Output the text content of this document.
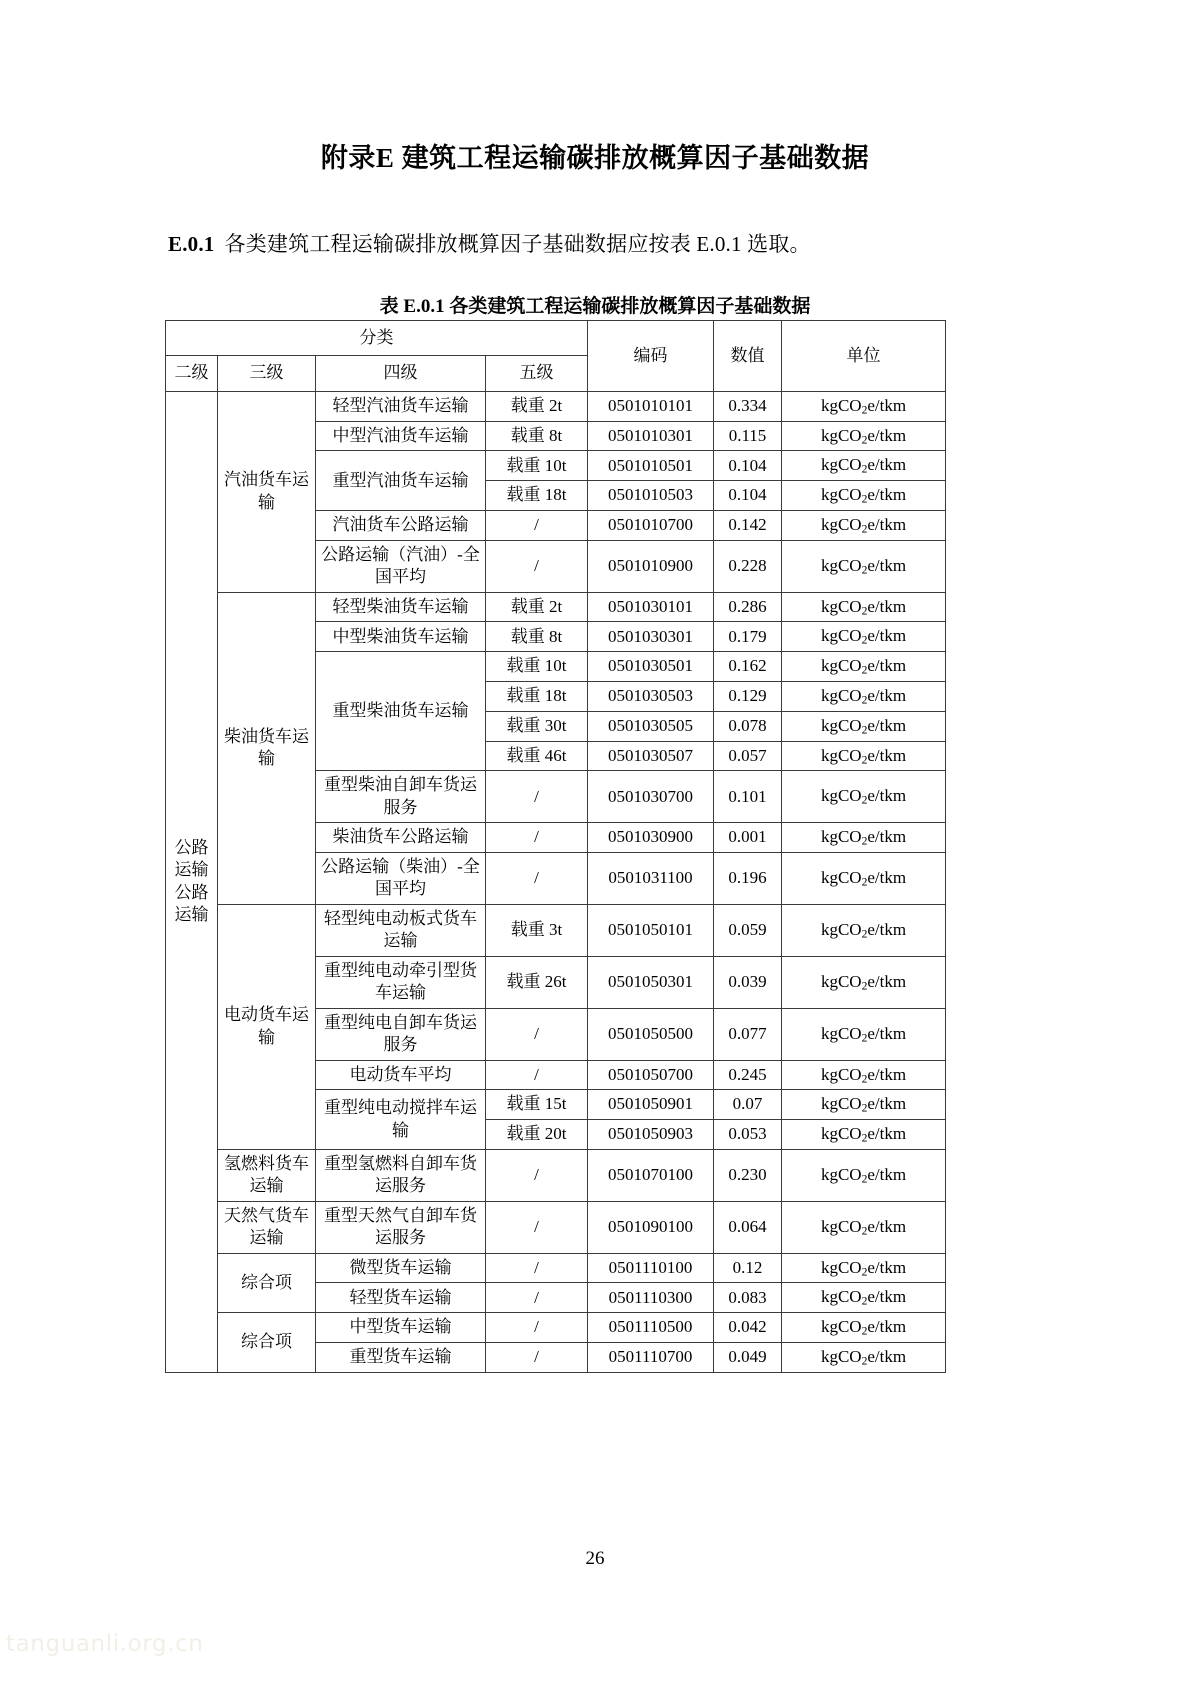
附录E 建筑工程运输碳排放概算因子基础数据
E.0.1 各类建筑工程运输碳排放概算因子基础数据应按表 E.0.1 选取。
表 E.0.1 各类建筑工程运输碳排放概算因子基础数据
分类				编码	数值	单位
二级	三级	四级	五级			
公路运输公路运输	汽油货车运输	轻型汽油货车运输	载重 2t	0501010101	0.334	kgCO$_2$e/tkm
		中型汽油货车运输	载重 8t	0501010301	0.115	kgCO$_2$e/tkm
		重型汽油货车运输	载重 10t	0501010501	0.104	kgCO$_2$e/tkm
			载重 18t	0501010503	0.104	kgCO$_2$e/tkm
		汽油货车公路运输	/	0501010700	0.142	kgCO$_2$e/tkm
		公路运输（汽油）-全国平均	/	0501010900	0.228	kgCO$_2$e/tkm
	柴油货车运输	轻型柴油货车运输	载重 2t	0501030101	0.286	kgCO$_2$e/tkm
		中型柴油货车运输	载重 8t	0501030301	0.179	kgCO$_2$e/tkm
		重型柴油货车运输	载重 10t	0501030501	0.162	kgCO$_2$e/tkm
			载重 18t	0501030503	0.129	kgCO$_2$e/tkm
			载重 30t	0501030505	0.078	kgCO$_2$e/tkm
			载重 46t	0501030507	0.057	kgCO$_2$e/tkm
		重型柴油自卸车货运服务	/	0501030700	0.101	kgCO$_2$e/tkm
		柴油货车公路运输	/	0501030900	0.001	kgCO$_2$e/tkm
		公路运输（柴油）-全国平均	/	0501031100	0.196	kgCO$_2$e/tkm
	电动货车运输	轻型纯电动板式货车运输	载重 3t	0501050101	0.059	kgCO$_2$e/tkm
		重型纯电动牵引型货车运输	载重 26t	0501050301	0.039	kgCO$_2$e/tkm
		重型纯电自卸车货运服务	/	0501050500	0.077	kgCO$_2$e/tkm
		电动货车平均	/	0501050700	0.245	kgCO$_2$e/tkm
		重型纯电动搅拌车运输	载重 15t	0501050901	0.07	kgCO$_2$e/tkm
			载重 20t	0501050903	0.053	kgCO$_2$e/tkm
	氢燃料货车运输	重型氢燃料自卸车货运服务	/	0501070100	0.230	kgCO$_2$e/tkm
	天然气货车运输	重型天然气自卸车货运服务	/	0501090100	0.064	kgCO$_2$e/tkm
	综合项	微型货车运输	/	0501110100	0.12	kgCO$_2$e/tkm
		轻型货车运输	/	0501110300	0.083	kgCO$_2$e/tkm
	综合项	中型货车运输	/	0501110500	0.042	kgCO$_2$e/tkm
		重型货车运输	/	0501110700	0.049	kgCO$_2$e/tkm
26
tanguanli.org.cn
